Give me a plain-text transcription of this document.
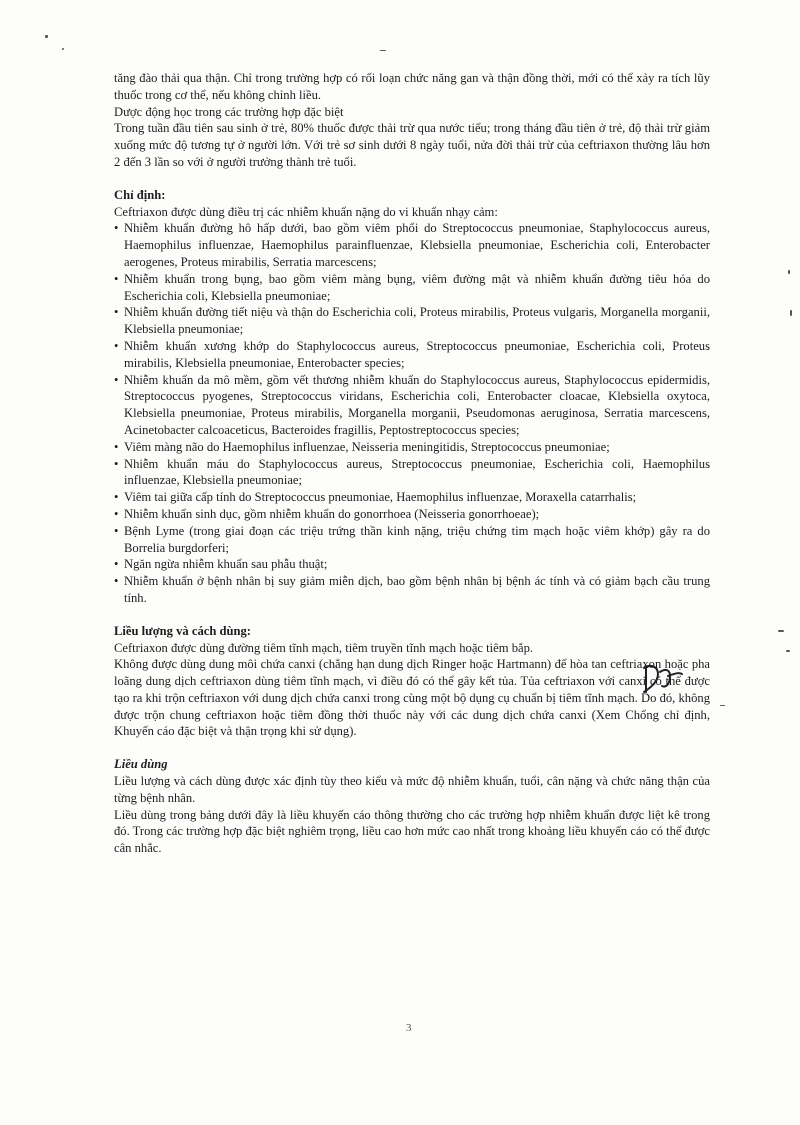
tăng đào thải qua thận. Chỉ trong trường hợp có rối loạn chức năng gan và thận đồng thời, mới có thể xảy ra tích lũy thuốc trong cơ thể, nếu không chỉnh liều.

Dược động học trong các trường hợp đặc biệt

Trong tuần đầu tiên sau sinh ở trẻ, 80% thuốc được thải trừ qua nước tiểu; trong tháng đầu tiên ở trẻ, độ thải trừ giảm xuống mức độ tương tự ở người lớn. Với trẻ sơ sinh dưới 8 ngày tuổi, nửa đời thải trừ của ceftriaxon thường lâu hơn 2 đến 3 lần so với ở người trưởng thành trẻ tuổi.

Chỉ định:

Ceftriaxon được dùng điều trị các nhiễm khuẩn nặng do vi khuẩn nhạy cảm:

• Nhiễm khuẩn đường hô hấp dưới, bao gồm viêm phổi do Streptococcus pneumoniae, Staphylococcus aureus, Haemophilus influenzae, Haemophilus parainfluenzae, Klebsiella pneumoniae, Escherichia coli, Enterobacter aerogenes, Proteus mirabilis, Serratia marcescens;
• Nhiễm khuẩn trong bụng, bao gồm viêm màng bụng, viêm đường mật và nhiễm khuẩn đường tiêu hóa do Escherichia coli, Klebsiella pneumoniae;
• Nhiễm khuẩn đường tiết niệu và thận do Escherichia coli, Proteus mirabilis, Proteus vulgaris, Morganella morganii, Klebsiella pneumoniae;
• Nhiễm khuẩn xương khớp do Staphylococcus aureus, Streptococcus pneumoniae, Escherichia coli, Proteus mirabilis, Klebsiella pneumoniae, Enterobacter species;
• Nhiễm khuẩn da mô mềm, gồm vết thương nhiễm khuẩn do Staphylococcus aureus, Staphylococcus epidermidis, Streptococcus pyogenes, Streptococcus viridans, Escherichia coli, Enterobacter cloacae, Klebsiella oxytoca, Klebsiella pneumoniae, Proteus mirabilis, Morganella morganii, Pseudomonas aeruginosa, Serratia marcescens, Acinetobacter calcoaceticus, Bacteroides fragillis, Peptostreptococcus species;
• Viêm màng não do Haemophilus influenzae, Neisseria meningitidis, Streptococcus pneumoniae;
• Nhiễm khuẩn máu do Staphylococcus aureus, Streptococcus pneumoniae, Escherichia coli, Haemophilus influenzae, Klebsiella pneumoniae;
• Viêm tai giữa cấp tính do Streptococcus pneumoniae, Haemophilus influenzae, Moraxella catarrhalis;
• Nhiễm khuẩn sinh dục, gồm nhiễm khuẩn do gonorrhoea (Neisseria gonorrhoeae);
• Bệnh Lyme (trong giai đoạn các triệu trứng thần kinh nặng, triệu chứng tim mạch hoặc viêm khớp) gây ra do Borrelia burgdorferi;
• Ngăn ngừa nhiễm khuẩn sau phẫu thuật;
• Nhiễm khuẩn ở bệnh nhân bị suy giảm miễn dịch, bao gồm bệnh nhân bị bệnh ác tính và có giảm bạch cầu trung tính.

Liều lượng và cách dùng:

Ceftriaxon được dùng đường tiêm tĩnh mạch, tiêm truyền tĩnh mạch hoặc tiêm bắp.

Không được dùng dung môi chứa canxi (chẳng hạn dung dịch Ringer hoặc Hartmann) để hòa tan ceftriaxon hoặc pha loãng dung dịch ceftriaxon dùng tiêm tĩnh mạch, vì điều đó có thể gây kết tủa. Tủa ceftriaxon với canxi có thể được tạo ra khi trộn ceftriaxon với dung dịch chứa canxi trong cùng một bộ dụng cụ chuẩn bị tiêm tĩnh mạch. Do đó, không được trộn chung ceftriaxon hoặc tiêm đồng thời thuốc này với các dung dịch chứa canxi (Xem Chống chỉ định, Khuyến cáo đặc biệt và thận trọng khi sử dụng).

Liều dùng

Liều lượng và cách dùng được xác định tùy theo kiểu và mức độ nhiễm khuẩn, tuổi, cân nặng và chức năng thận của từng bệnh nhân.

Liều dùng trong bảng dưới đây là liều khuyến cáo thông thường cho các trường hợp nhiễm khuẩn được liệt kê trong đó. Trong các trường hợp đặc biệt nghiêm trọng, liều cao hơn mức cao nhất trong khoảng liều khuyến cáo có thể được cân nhắc.

3
